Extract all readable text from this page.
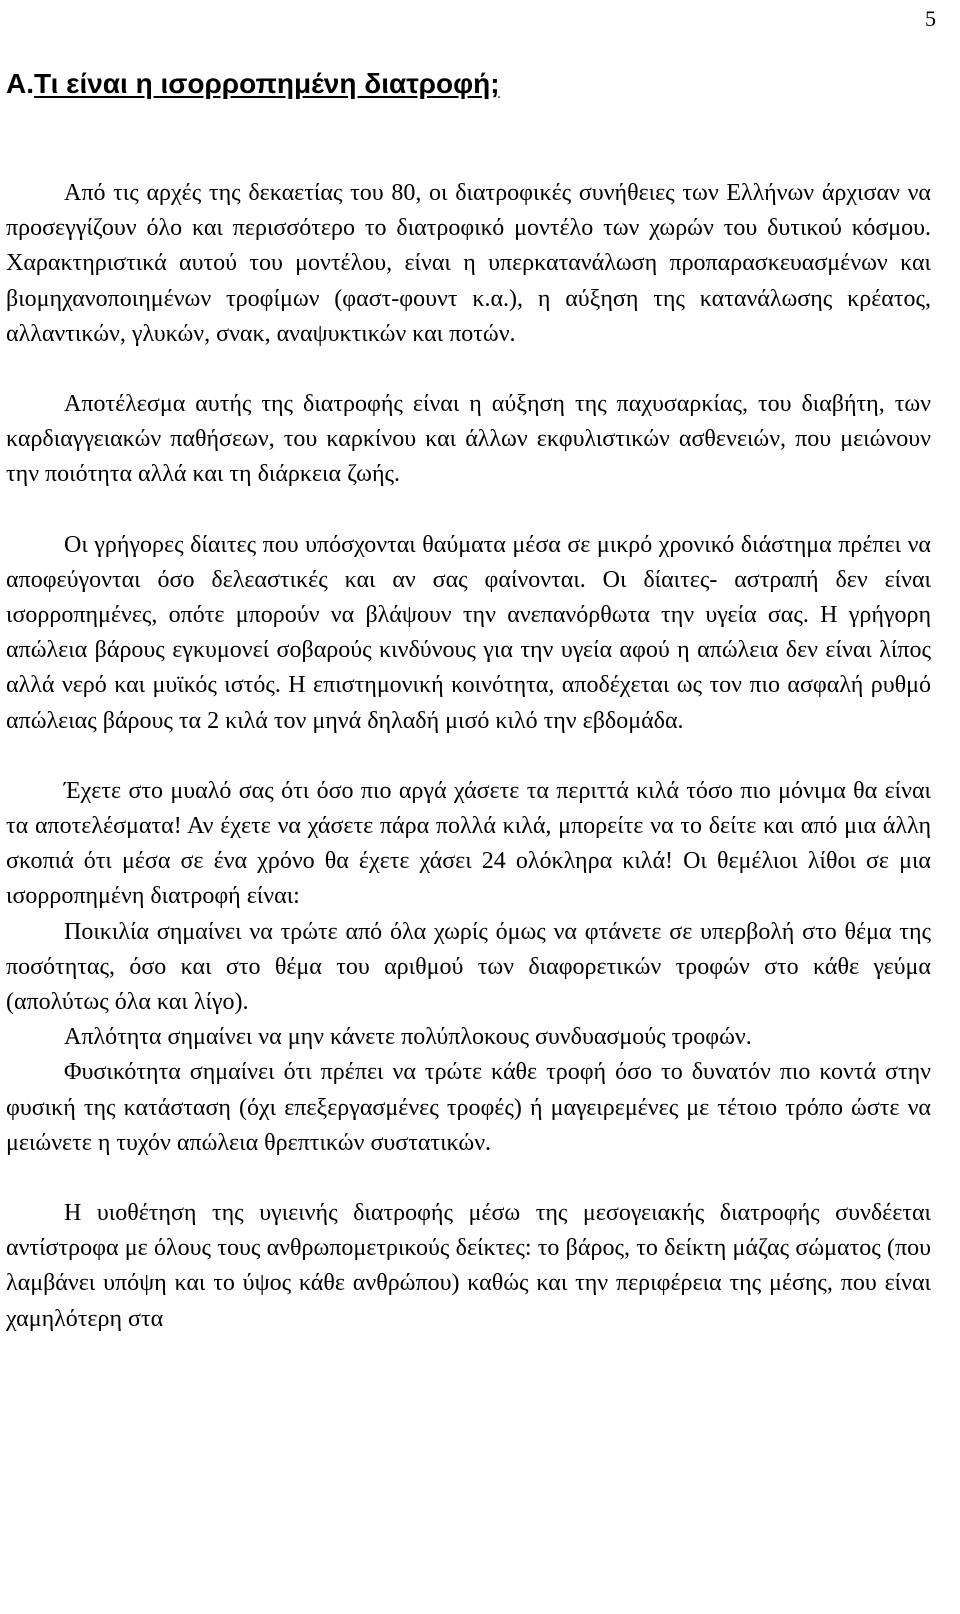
5
Α.Τι είναι η ισορροπημένη διατροφή;

Από τις αρχές της δεκαετίας του 80, οι διατροφικές συνήθειες των Ελλήνων άρχισαν να προσεγγίζουν όλο και περισσότερο το διατροφικό μοντέλο των χωρών του δυτικού κόσμου. Χαρακτηριστικά αυτού του μοντέλου, είναι η υπερκατανάλωση προπαρασκευασμένων και βιομηχανοποιημένων τροφίμων (φαστ-φουντ κ.α.), η αύξηση της κατανάλωσης κρέατος, αλλαντικών, γλυκών, σνακ, αναψυκτικών και ποτών.

Αποτέλεσμα αυτής της διατροφής είναι η αύξηση της παχυσαρκίας, του διαβήτη, των καρδιαγγειακών παθήσεων, του καρκίνου και άλλων εκφυλιστικών ασθενειών, που μειώνουν την ποιότητα αλλά και τη διάρκεια ζωής.

Οι γρήγορες δίαιτες που υπόσχονται θαύματα μέσα σε μικρό χρονικό διάστημα πρέπει να αποφεύγονται όσο δελεαστικές και αν σας φαίνονται. Οι δίαιτες- αστραπή δεν είναι ισορροπημένες, οπότε μπορούν να βλάψουν την ανεπανόρθωτα την υγεία σας. Η γρήγορη απώλεια βάρους εγκυμονεί σοβαρούς κινδύνους για την υγεία αφού η απώλεια δεν είναι λίπος αλλά νερό και μυϊκός ιστός. Η επιστημονική κοινότητα, αποδέχεται ως τον πιο ασφαλή ρυθμό απώλειας βάρους τα 2 κιλά τον μηνά δηλαδή μισό κιλό την εβδομάδα.

Έχετε στο μυαλό σας ότι όσο πιο αργά χάσετε τα περιττά κιλά τόσο πιο μόνιμα θα είναι τα αποτελέσματα! Αν έχετε να χάσετε πάρα πολλά κιλά, μπορείτε να το δείτε και από μια άλλη σκοπιά ότι μέσα σε ένα χρόνο θα έχετε χάσει 24 ολόκληρα κιλά! Οι θεμέλιοι λίθοι σε μια ισορροπημένη διατροφή είναι:

Ποικιλία σημαίνει να τρώτε από όλα χωρίς όμως να φτάνετε σε υπερβολή στο θέμα της ποσότητας, όσο και στο θέμα του αριθμού των διαφορετικών τροφών στο κάθε γεύμα (απολύτως όλα και λίγο).

Απλότητα σημαίνει να μην κάνετε πολύπλοκους συνδυασμούς τροφών.

Φυσικότητα σημαίνει ότι πρέπει να τρώτε κάθε τροφή όσο το δυνατόν πιο κοντά στην φυσική της κατάσταση (όχι επεξεργασμένες τροφές) ή μαγειρεμένες με τέτοιο τρόπο ώστε να μειώνετε η τυχόν απώλεια θρεπτικών συστατικών.

Η υιοθέτηση της υγιεινής διατροφής μέσω της μεσογειακής διατροφής συνδέεται αντίστροφα με όλους τους ανθρωπομετρικούς δείκτες: το βάρος, το δείκτη μάζας σώματος (που λαμβάνει υπόψη και το ύψος κάθε ανθρώπου) καθώς και την περιφέρεια της μέσης, που είναι χαμηλότερη στα
